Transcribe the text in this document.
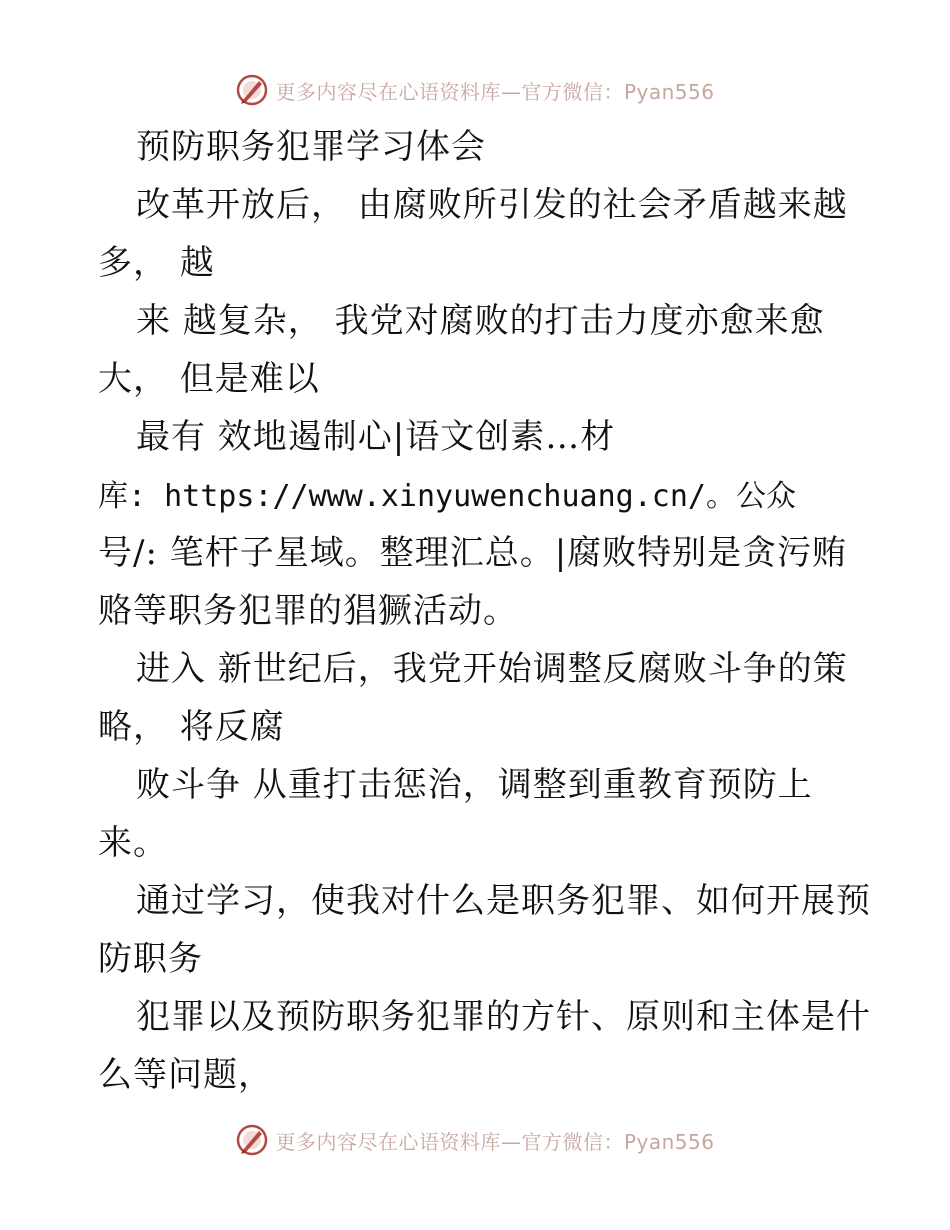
更多内容尽在心语资料库—官方微信：Pyan556
预防职务犯罪学习体会
改革开放后， 由腐败所引发的社会矛盾越来越
多， 越
来 越复杂， 我党对腐败的打击力度亦愈来愈
大， 但是难以
最有 效地遏制心|语文创素…材
库: https://www.xinyuwenchuang.cn/。公众
号/: 笔杆子星域。整理汇总。|腐败特别是贪污贿
赂等职务犯罪的猖獗活动。
进入 新世纪后，我党开始调整反腐败斗争的策
略， 将反腐
败斗争 从重打击惩治，调整到重教育预防上
来。
通过学习，使我对什么是职务犯罪、如何开展预
防职务
犯罪以及预防职务犯罪的方针、原则和主体是什
么等问题，
更多内容尽在心语资料库—官方微信：Pyan556
